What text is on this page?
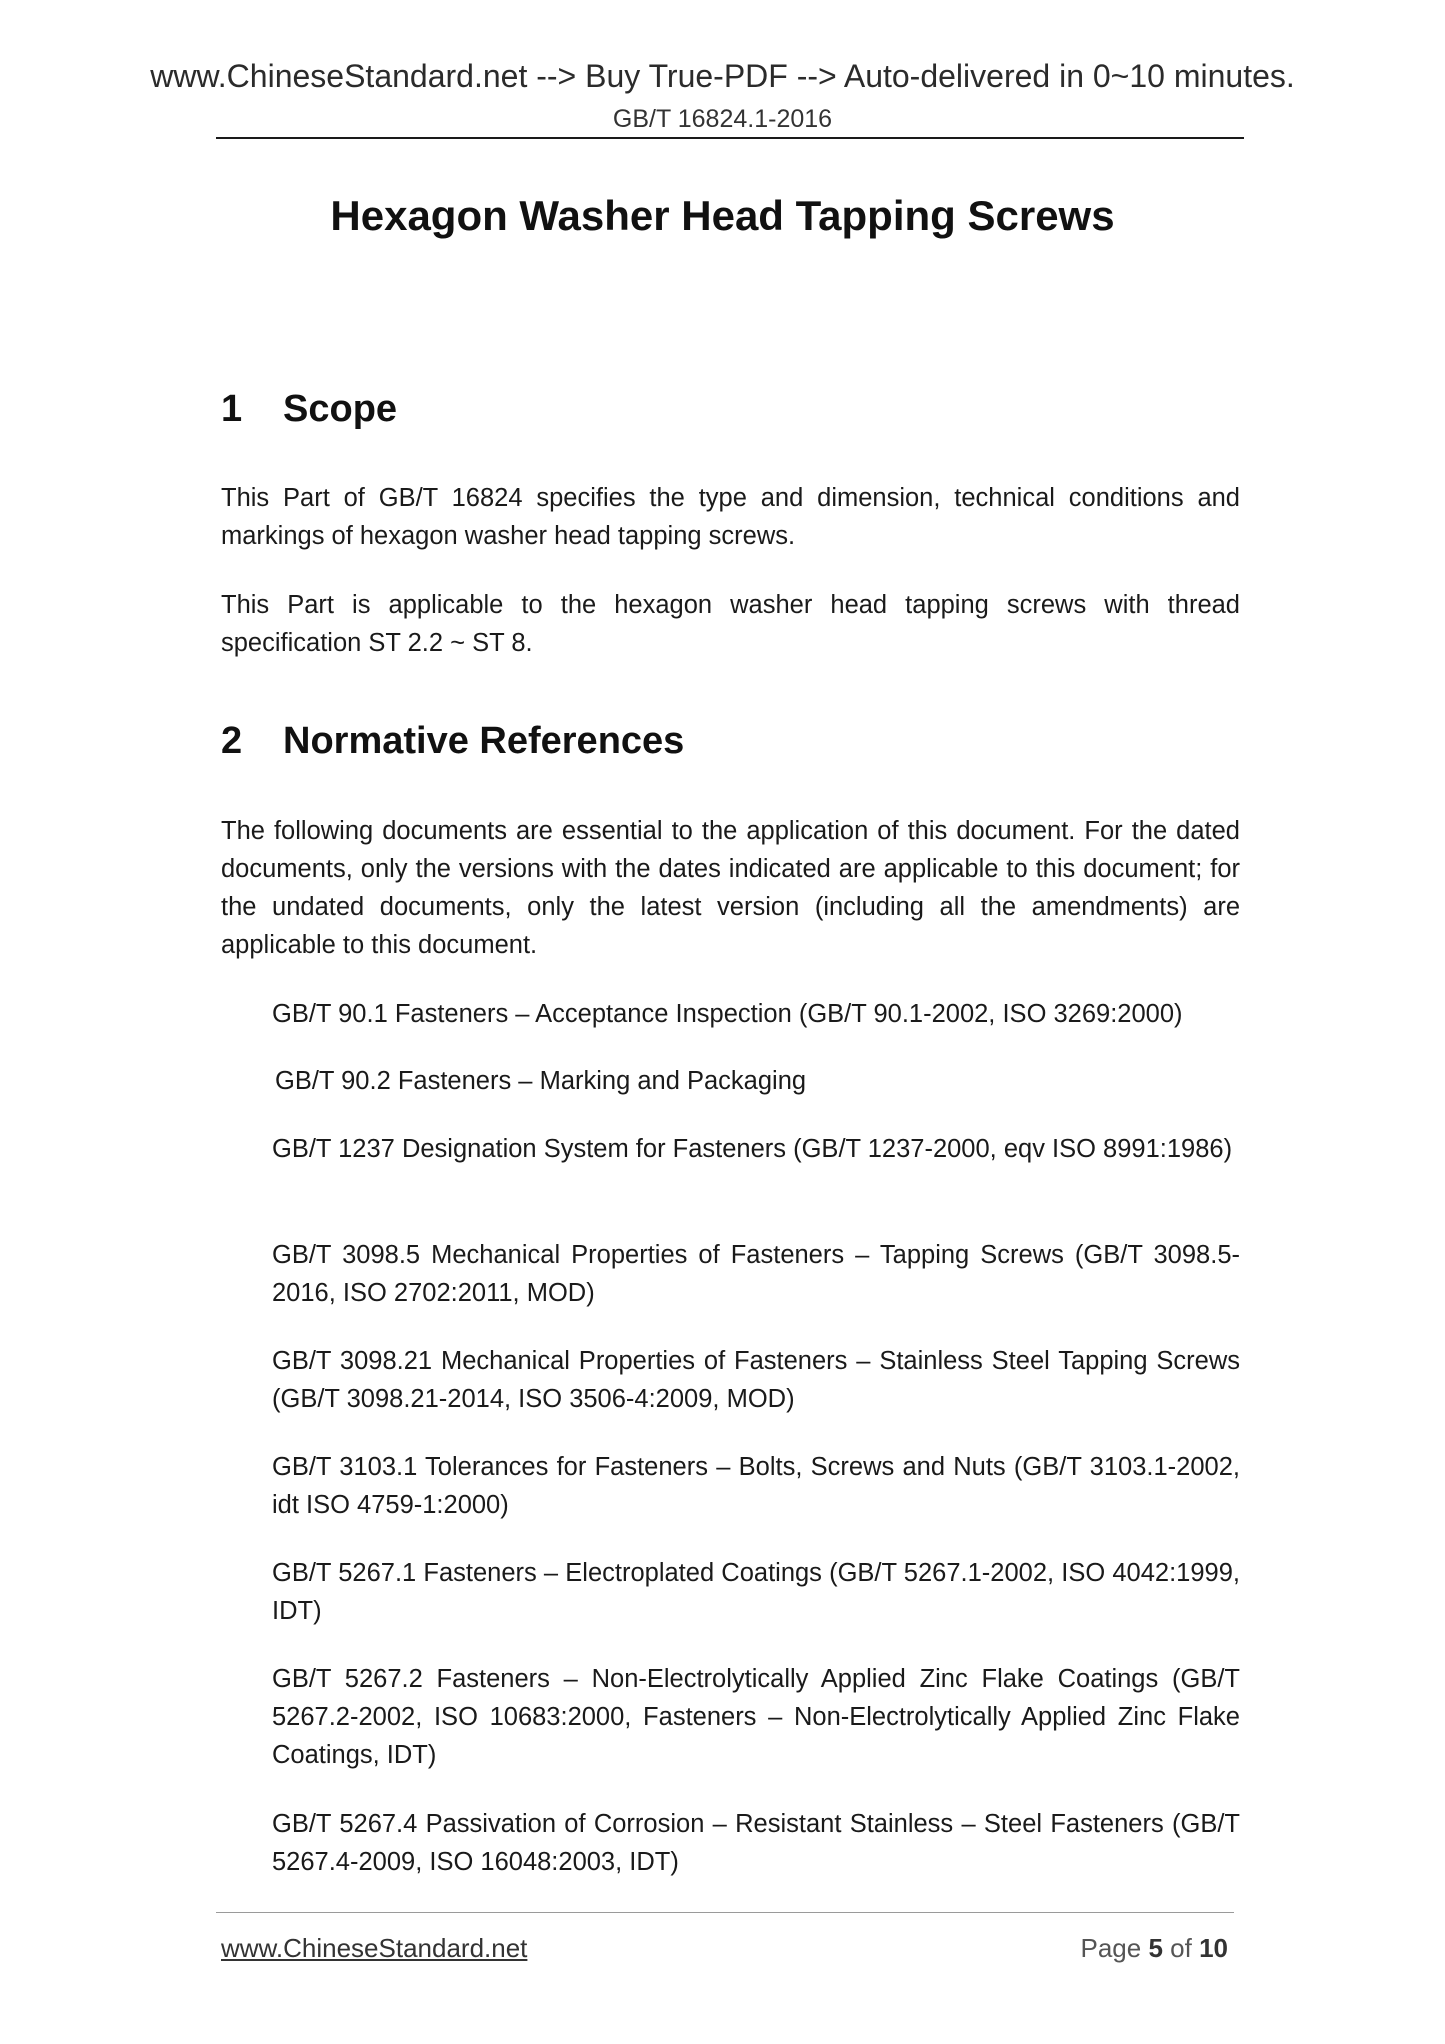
www.ChineseStandard.net --> Buy True-PDF --> Auto-delivered in 0~10 minutes.
GB/T 16824.1-2016
Hexagon Washer Head Tapping Screws
1 Scope

This Part of GB/T 16824 specifies the type and dimension, technical conditions and markings of hexagon washer head tapping screws.

This Part is applicable to the hexagon washer head tapping screws with thread specification ST 2.2 ~ ST 8.

2 Normative References

The following documents are essential to the application of this document. For the dated documents, only the versions with the dates indicated are applicable to this document; for the undated documents, only the latest version (including all the amendments) are applicable to this document.

GB/T 90.1 Fasteners – Acceptance Inspection (GB/T 90.1-2002, ISO 3269:2000)

GB/T 90.2 Fasteners – Marking and Packaging

GB/T 1237 Designation System for Fasteners (GB/T 1237-2000, eqv ISO 8991:1986)

GB/T 3098.5 Mechanical Properties of Fasteners – Tapping Screws (GB/T 3098.5-2016, ISO 2702:2011, MOD)

GB/T 3098.21 Mechanical Properties of Fasteners – Stainless Steel Tapping Screws (GB/T 3098.21-2014, ISO 3506-4:2009, MOD)

GB/T 3103.1 Tolerances for Fasteners – Bolts, Screws and Nuts (GB/T 3103.1-2002, idt ISO 4759-1:2000)

GB/T 5267.1 Fasteners – Electroplated Coatings (GB/T 5267.1-2002, ISO 4042:1999, IDT)

GB/T 5267.2 Fasteners – Non-Electrolytically Applied Zinc Flake Coatings (GB/T 5267.2-2002, ISO 10683:2000, Fasteners – Non-Electrolytically Applied Zinc Flake Coatings, IDT)

GB/T 5267.4 Passivation of Corrosion – Resistant Stainless – Steel Fasteners (GB/T 5267.4-2009, ISO 16048:2003, IDT)

www.ChineseStandard.net	Page 5 of 10
